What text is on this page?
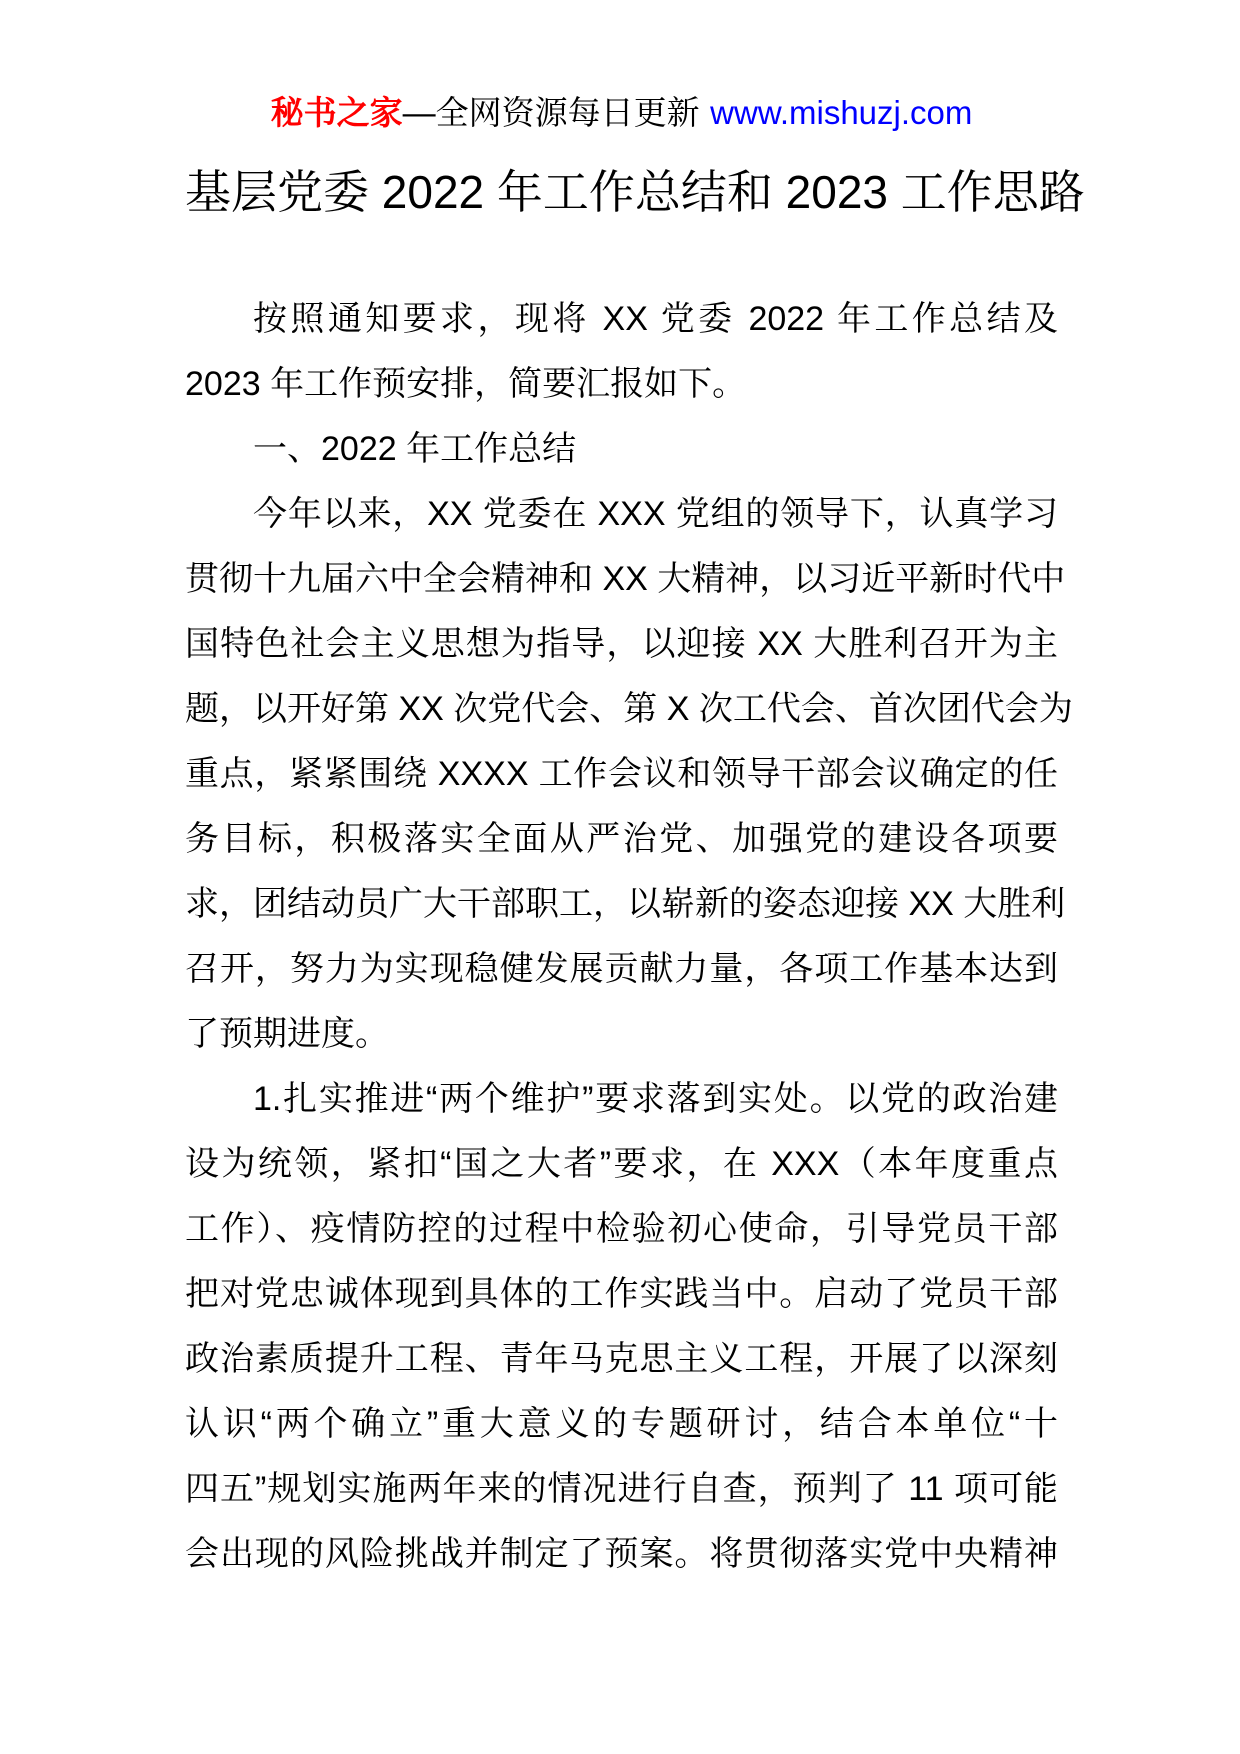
秘书之家—全网资源每日更新 www.mishuzj.com
基层党委 2022 年工作总结和 2023 工作思路
按照通知要求，现将 XX 党委 2022 年工作总结及
2023 年工作预安排，简要汇报如下。
一、2022 年工作总结
今年以来，XX 党委在 XXX 党组的领导下，认真学习
贯彻十九届六中全会精神和 XX 大精神，以习近平新时代中
国特色社会主义思想为指导，以迎接 XX 大胜利召开为主
题，以开好第 XX 次党代会、第 X 次工代会、首次团代会为
重点，紧紧围绕 XXXX 工作会议和领导干部会议确定的任
务目标，积极落实全面从严治党、加强党的建设各项要
求，团结动员广大干部职工，以崭新的姿态迎接 XX 大胜利
召开，努力为实现稳健发展贡献力量，各项工作基本达到
了预期进度。
1.扎实推进“两个维护”要求落到实处。以党的政治建
设为统领，紧扣“国之大者”要求，在 XXX（本年度重点
工作）、疫情防控的过程中检验初心使命，引导党员干部
把对党忠诚体现到具体的工作实践当中。启动了党员干部
政治素质提升工程、青年马克思主义工程，开展了以深刻
认识“两个确立”重大意义的专题研讨，结合本单位“十
四五”规划实施两年来的情况进行自查，预判了 11 项可能
会出现的风险挑战并制定了预案。将贯彻落实党中央精神
